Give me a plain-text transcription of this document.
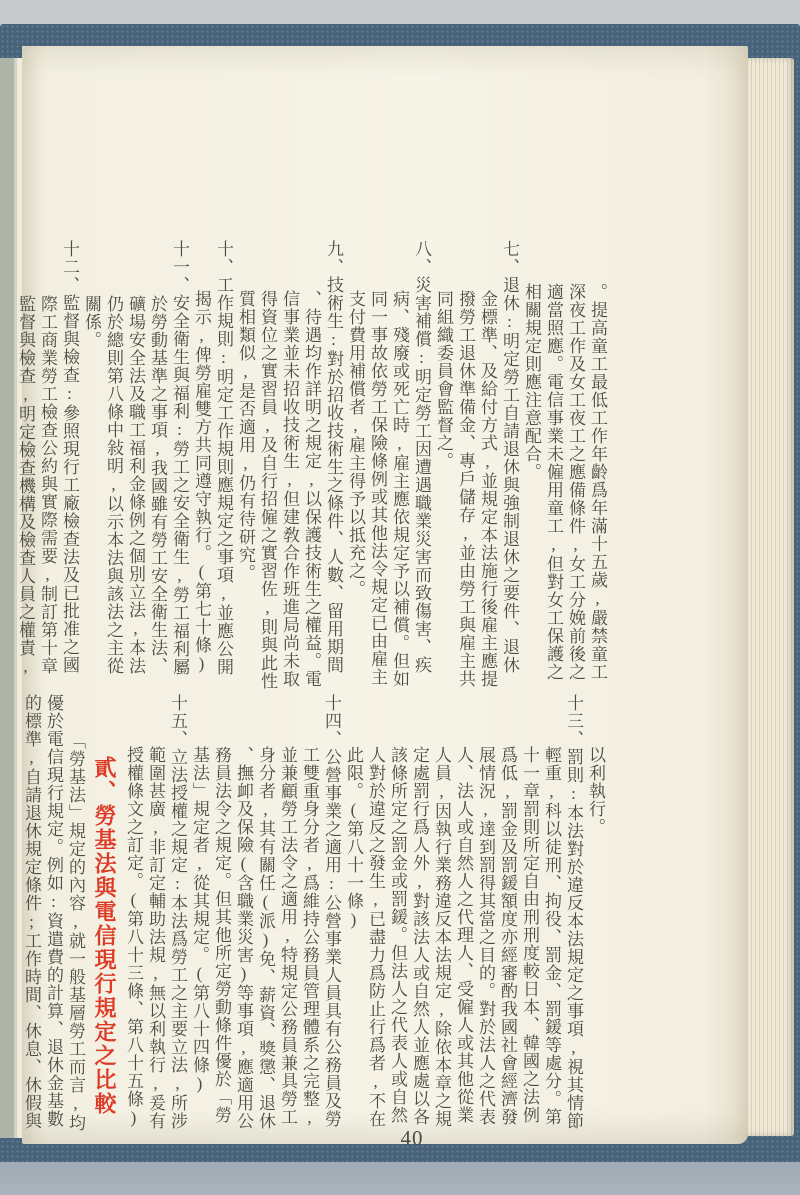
。提高童工最低工作年齡爲年滿十五歲,嚴禁童工
深夜工作及女工夜工之應備條件,女工分娩前後之
適當照應。電信事業未僱用童工,但對女工保護之
相關規定則應注意配合。
七、退休:明定勞工自請退休與強制退休之要件、退休
金標準、及給付方式,並規定本法施行後雇主應提
撥勞工退休準備金、專戶儲存,並由勞工與雇主共
同組織委員會監督之。
八、災害補償:明定勞工因遭遇職業災害而致傷害、疾
病、殘廢或死亡時,雇主應依規定予以補償。但如
同一事故依勞工保險條例或其他法令規定已由雇主
支付費用補償者,雇主得予以抵充之。
九、技術生:對於招收技術生之條件、人數、留用期間
、待遇均作詳明之規定,以保護技術生之權益。電
信事業並未招收技術生,但建敎合作班進局尚未取
得資位之實習員,及自行招僱之實習佐,則與此性
質相類似,是否適用,仍有待研究。
十、工作規則:明定工作規則應規定之事項,並應公開
揭示,俾勞雇雙方共同遵守執行。(第七十條)
十一、安全衛生與福利:勞工之安全衛生,勞工福利屬
於勞動基準之事項,我國雖有勞工安全衛生法、
礦場安全法及職工福利金條例之個別立法,本法
仍於總則第八條中敍明,以示本法與該法之主從
關係。
十二、監督與檢查:參照現行工廠檢查法及已批准之國
際工商業勞工檢查公約與實際需要,制訂第十章
監督與檢查,明定檢查機構及檢查人員之權責,
以利執行。
十三、罰則:本法對於違反本法規定之事項,視其情節
輕重,科以徒刑、拘役、罰金、罰鍰等處分。第
十一章罰則所定自由刑刑度較日本、韓國之法例
爲低,罰金及罰鍰額度亦經審酌我國社會經濟發
展情況,達到罰得其當之目的。對於法人之代表
人、法人或自然人之代理人、受僱人或其他從業
人員,因執行業務違反本法規定,除依本章之規
定處罰行爲人外,對該法人或自然人並應處以各
該條所定之罰金或罰鍰。但法人之代表人或自然
人對於違反之發生,已盡力爲防止行爲者,不在
此限。(第八十一條)
十四、公營事業之適用:公營事業人員具有公務員及勞
工雙重身分者,爲維持公務員管理體系之完整,
並兼顧勞工法令之適用,特規定公務員兼具勞工
身分者,其有關任(派)免、薪資、獎懲、退休
、撫卹及保險(含職業災害)等事項,應適用公
務員法令之規定。但其他所定勞動條件優於「勞
基法」規定者,從其規定。(第八十四條)
十五、立法授權之規定:本法爲勞工之主要立法,所涉
範圍甚廣,非訂定輔助法規,無以利執行,爰有
授權條文之訂定。(第八十三條、第八十五條)
貳、勞基法與電信現行規定之比較
「勞基法」規定的內容,就一般基層勞工而言,均
優於電信現行規定。例如:資遣費的計算、退休金基數
的標準,自請退休規定條件;工作時間、休息、休假與
40
